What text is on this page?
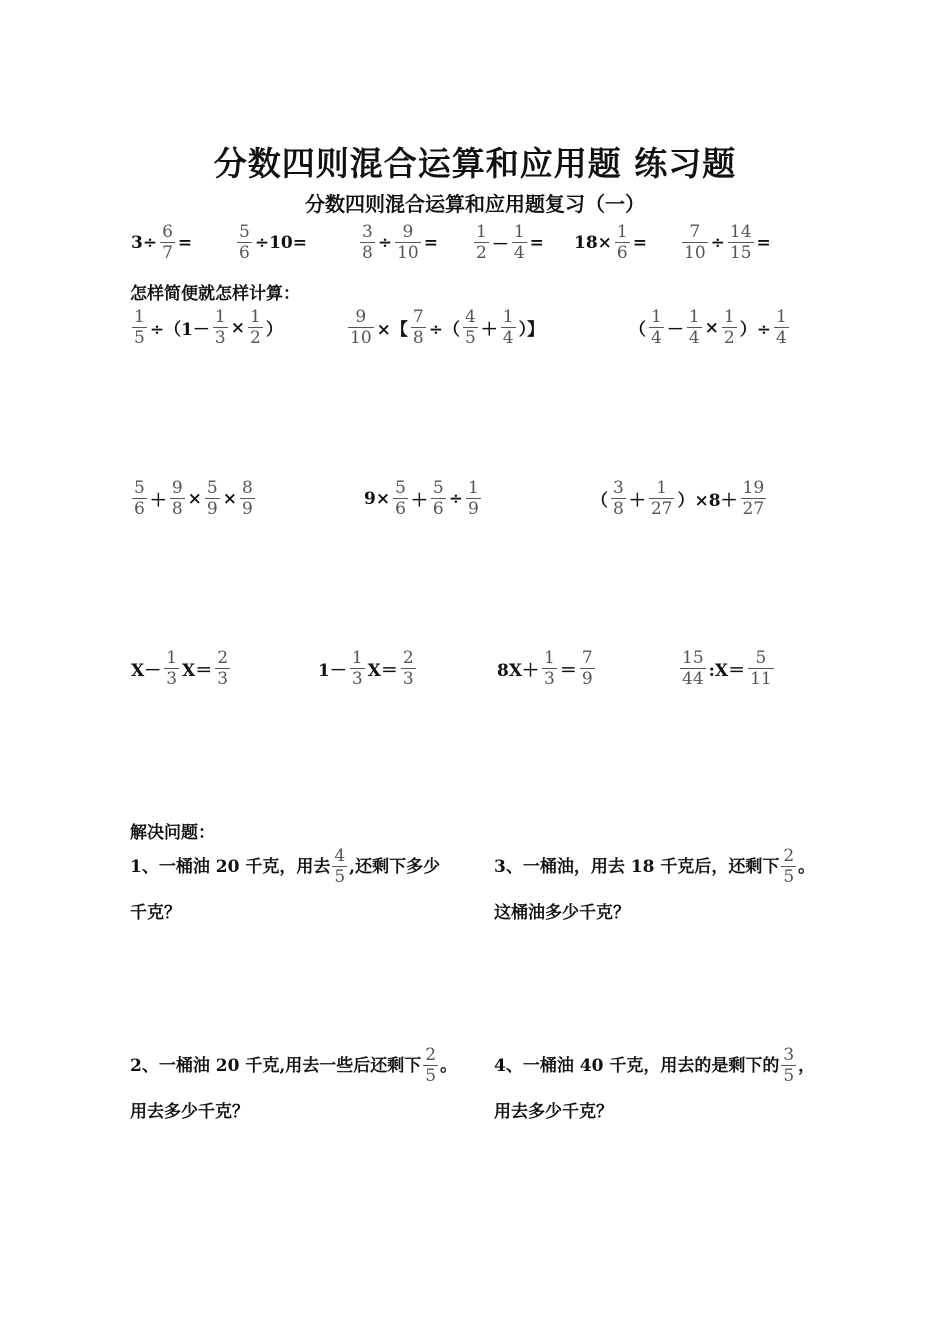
分数四则混合运算和应用题 练习题
分数四则混合运算和应用题复习（一）
$3\div \frac{6}{7}$ =	$\frac{5}{6} \div 10=$	$\frac{3}{8} \div \frac{9}{10} = \frac{1}{2} - \frac{1}{4} = 18\times \frac{1}{6} = \frac{7}{10} \div \frac{14}{15}$ =
$\frac{1}{5} \div(1- \frac{1}{3} \times \frac{1}{2}$ ）	$\frac{9}{10}$ ×【 $\frac{7}{8}$ ÷（ $\frac{4}{5} + \frac{1}{4}$ ）】	（ $\frac{1}{4} - \frac{1}{4} \times \frac{1}{2}$ ）÷ $\frac{1}{4}$
$\frac{5}{6} + \frac{9}{8} \times \frac{5}{9} \times \frac{8}{9}$	$9\times \frac{5}{6} + \frac{5}{6} \div \frac{1}{9}$	（ $\frac{3}{8} + \frac{1}{27} )\times 8+ \frac{19}{27}$
$X- \frac{1}{3} X= \frac{2}{3}$	$1- \frac{1}{3} X= \frac{2}{3}$	$8X+ \frac{1}{3} = \frac{7}{9}$	$\frac{15}{44}$ :X＝ $\frac{5}{11}$
怎样简便就怎样计算：
解决问题：
1、一桶油 20 千克，用去 $\frac{4}{5}$ ,还剩下多少
千克？
3、一桶油，用去 18 千克后，还剩下 $\frac{2}{5}$ 。
这桶油多少千克？
2、一桶油 20 千克,用去一些后还剩下 $\frac{2}{5}$ 。
用去多少千克？
4、一桶油 40 千克，用去的是剩下的 $\frac{3}{5}$ ，
用去多少千克？
